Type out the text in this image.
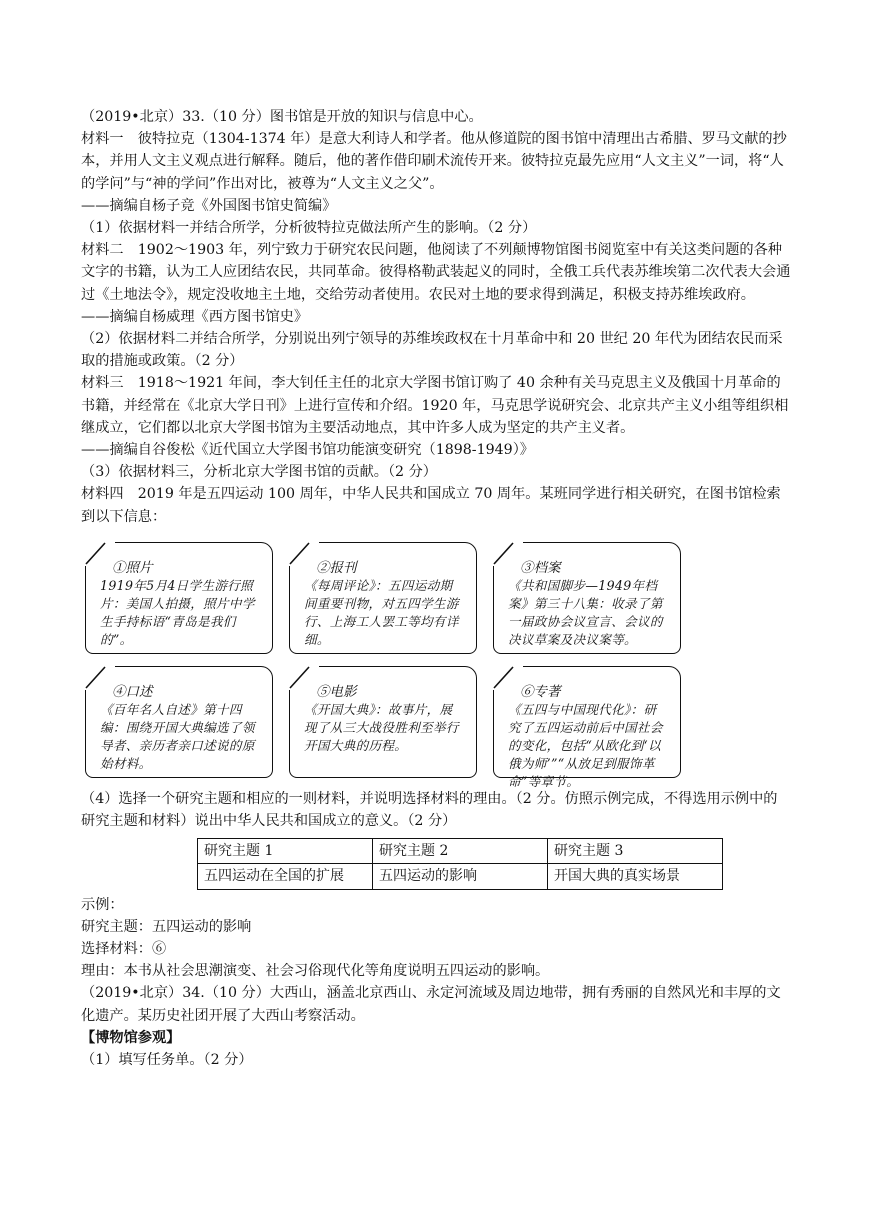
（2019•北京）33.（10 分）图书馆是开放的知识与信息中心。

材料一　彼特拉克（1304-1374 年）是意大利诗人和学者。他从修道院的图书馆中清理出古希腊、罗马文献的抄本，并用人文主义观点进行解释。随后，他的著作借印刷术流传开来。彼特拉克最先应用“人文主义”一词，将“人的学问”与“神的学问”作出对比，被尊为“人文主义之父”。

——摘编自杨子竞《外国图书馆史简编》

（1）依据材料一并结合所学，分析彼特拉克做法所产生的影响。（2 分）

材料二　1902～1903 年，列宁致力于研究农民问题，他阅读了不列颠博物馆图书阅览室中有关这类问题的各种文字的书籍，认为工人应团结农民，共同革命。彼得格勒武装起义的同时，全俄工兵代表苏维埃第二次代表大会通过《土地法令》，规定没收地主土地，交给劳动者使用。农民对土地的要求得到满足，积极支持苏维埃政府。

——摘编自杨威理《西方图书馆史》

（2）依据材料二并结合所学，分别说出列宁领导的苏维埃政权在十月革命中和 20 世纪 20 年代为团结农民而采取的措施或政策。（2 分）

材料三　1918～1921 年间，李大钊任主任的北京大学图书馆订购了 40 余种有关马克思主义及俄国十月革命的书籍，并经常在《北京大学日刊》上进行宣传和介绍。1920 年，马克思学说研究会、北京共产主义小组等组织相继成立，它们都以北京大学图书馆为主要活动地点，其中许多人成为坚定的共产主义者。

——摘编自谷俊松《近代国立大学图书馆功能演变研究（1898-1949）》

（3）依据材料三，分析北京大学图书馆的贡献。（2 分）

材料四　2019 年是五四运动 100 周年，中华人民共和国成立 70 周年。某班同学进行相关研究，在图书馆检索到以下信息：

①照片
1919年5月4日学生游行照片：美国人拍摄，照片中学生手持标语“青岛是我们的”。
②报刊
《每周评论》：五四运动期间重要刊物，对五四学生游行、上海工人罢工等均有详细。
③档案
《共和国脚步—1949年档案》第三十八集：收录了第一届政协会议宣言、会议的决议草案及决议案等。
④口述
《百年名人自述》第十四编：围绕开国大典编选了领导者、亲历者亲口述说的原始材料。
⑤电影
《开国大典》：故事片，展现了从三大战役胜利至举行开国大典的历程。
⑥专著
《五四与中国现代化》：研究了五四运动前后中国社会的变化，包括“从欧化到‘以俄为师’”“从放足到服饰革命”等章节。

（4）选择一个研究主题和相应的一则材料，并说明选择材料的理由。（2 分。仿照示例完成，不得选用示例中的研究主题和材料）说出中华人民共和国成立的意义。（2 分）

研究主题 1	研究主题 2	研究主题 3
五四运动在全国的扩展	五四运动的影响	开国大典的真实场景

示例：

研究主题：五四运动的影响

选择材料：⑥

理由：本书从社会思潮演变、社会习俗现代化等角度说明五四运动的影响。

（2019•北京）34.（10 分）大西山，涵盖北京西山、永定河流域及周边地带，拥有秀丽的自然风光和丰厚的文化遗产。某历史社团开展了大西山考察活动。

【博物馆参观】

（1）填写任务单。（2 分）
